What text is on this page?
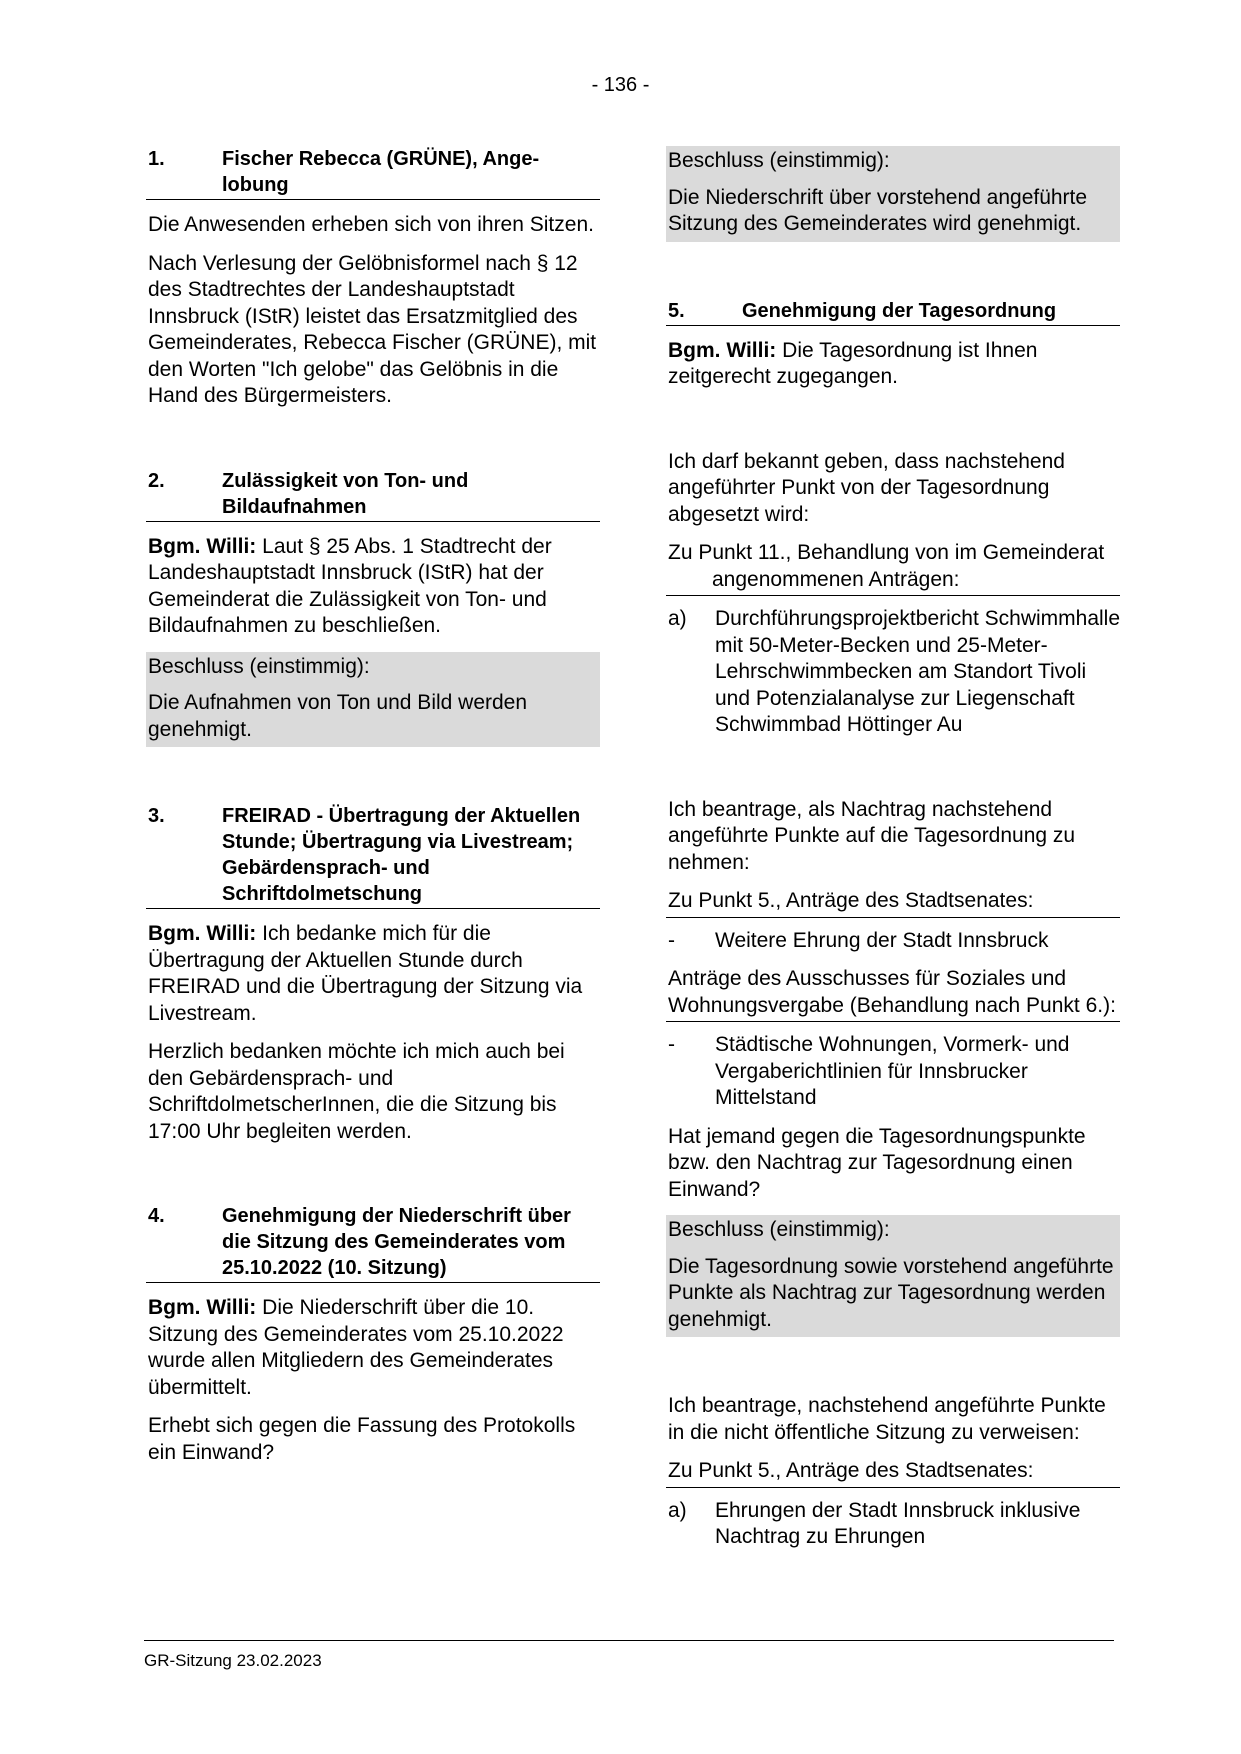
- 136 -
1.	Fischer Rebecca (GRÜNE), Ange-lobung

Die Anwesenden erheben sich von ihren Sitzen.

Nach Verlesung der Gelöbnisformel nach § 12 des Stadtrechtes der Landeshauptstadt Innsbruck (IStR) leistet das Ersatzmitglied des Gemeinderates, Rebecca Fischer (GRÜNE), mit den Worten "Ich gelobe" das Gelöbnis in die Hand des Bürgermeisters.

2.	Zulässigkeit von Ton- und Bildaufnahmen

Bgm. Willi: Laut § 25 Abs. 1 Stadtrecht der Landeshauptstadt Innsbruck (IStR) hat der Gemeinderat die Zulässigkeit von Ton- und Bildaufnahmen zu beschließen.

Beschluss (einstimmig):

Die Aufnahmen von Ton und Bild werden genehmigt.

3.	FREIRAD - Übertragung der Aktuellen Stunde; Übertragung via Livestream; Gebärdensprach- und Schriftdolmetschung

Bgm. Willi: Ich bedanke mich für die Übertragung der Aktuellen Stunde durch FREIRAD und die Übertragung der Sitzung via Livestream.

Herzlich bedanken möchte ich mich auch bei den Gebärdensprach- und SchriftdolmetscherInnen, die die Sitzung bis 17:00 Uhr begleiten werden.

4.	Genehmigung der Niederschrift über die Sitzung des Gemeinderates vom 25.10.2022 (10. Sitzung)

Bgm. Willi: Die Niederschrift über die 10. Sitzung des Gemeinderates vom 25.10.2022 wurde allen Mitgliedern des Gemeinderates übermittelt.

Erhebt sich gegen die Fassung des Protokolls ein Einwand?

Beschluss (einstimmig):

Die Niederschrift über vorstehend angeführte Sitzung des Gemeinderates wird genehmigt.

5.	Genehmigung der Tagesordnung

Bgm. Willi: Die Tagesordnung ist Ihnen zeitgerecht zugegangen.

Ich darf bekannt geben, dass nachstehend angeführter Punkt von der Tagesordnung abgesetzt wird:

Zu Punkt 11., Behandlung von im Gemeinderat angenommenen Anträgen:

a)	Durchführungsprojektbericht Schwimmhalle mit 50-Meter-Becken und 25-Meter-Lehrschwimmbecken am Standort Tivoli und Potenzialanalyse zur Liegenschaft Schwimmbad Höttinger Au

Ich beantrage, als Nachtrag nachstehend angeführte Punkte auf die Tagesordnung zu nehmen:

Zu Punkt 5., Anträge des Stadtsenates:

-	Weitere Ehrung der Stadt Innsbruck

Anträge des Ausschusses für Soziales und Wohnungsvergabe (Behandlung nach Punkt 6.):

-	Städtische Wohnungen, Vormerk- und Vergaberichtlinien für Innsbrucker Mittelstand

Hat jemand gegen die Tagesordnungspunkte bzw. den Nachtrag zur Tagesordnung einen Einwand?

Beschluss (einstimmig):

Die Tagesordnung sowie vorstehend angeführte Punkte als Nachtrag zur Tagesordnung werden genehmigt.

Ich beantrage, nachstehend angeführte Punkte in die nicht öffentliche Sitzung zu verweisen:

Zu Punkt 5., Anträge des Stadtsenates:

a)	Ehrungen der Stadt Innsbruck inklusive Nachtrag zu Ehrungen
GR-Sitzung 23.02.2023
